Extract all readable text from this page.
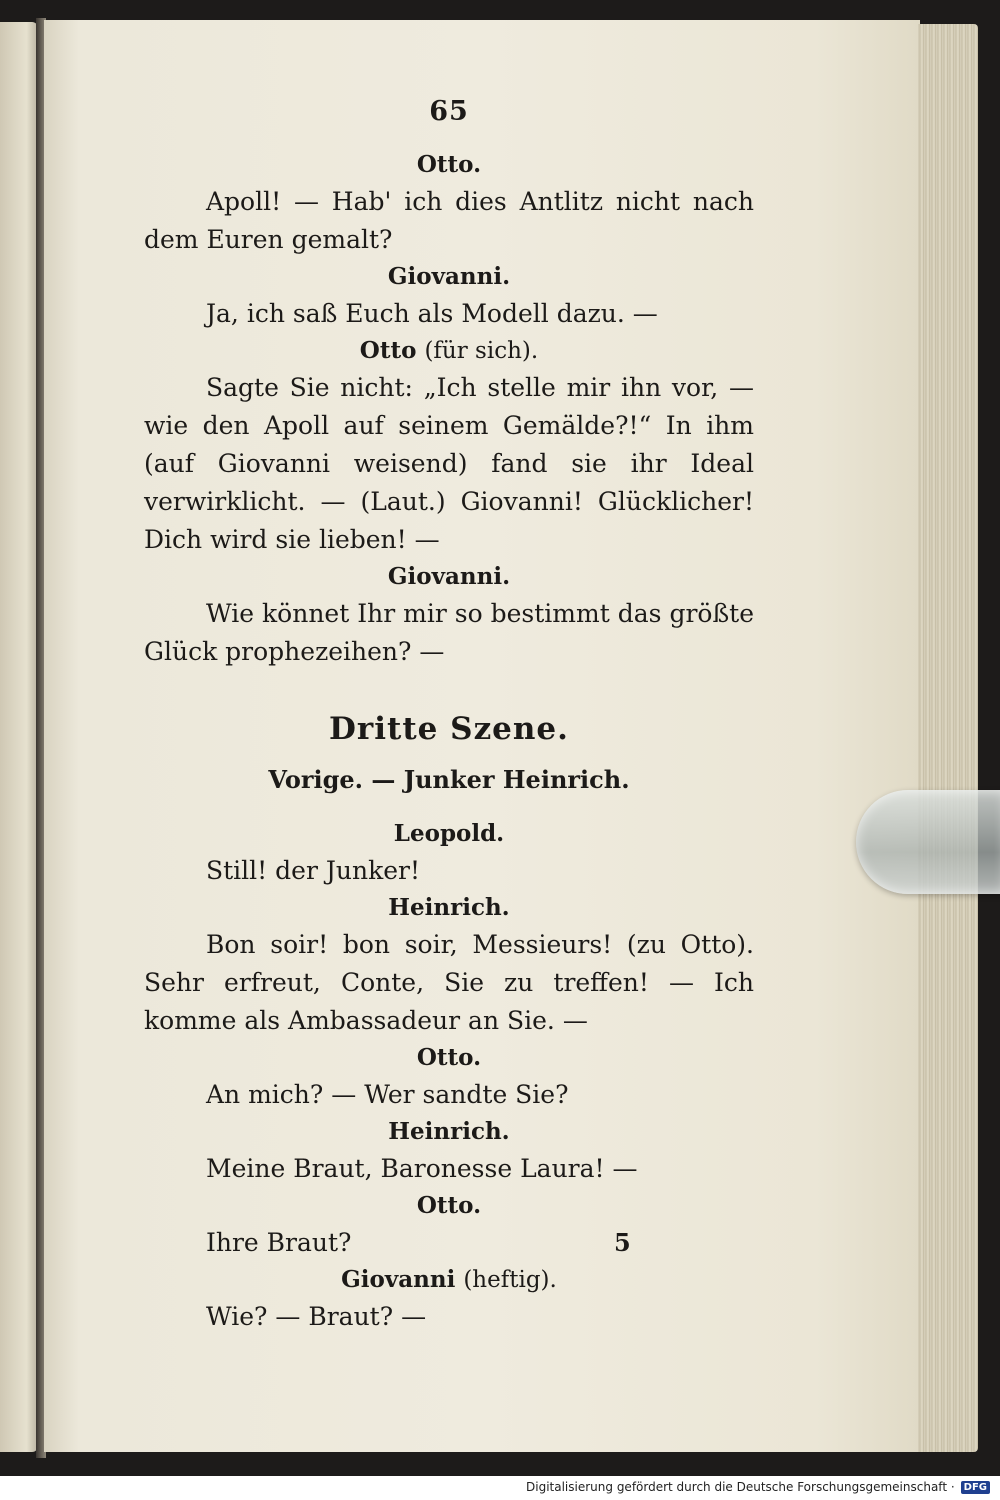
65
Otto.

Apoll! — Hab' ich dies Antlitz nicht nach dem Euren gemalt?

Giovanni.

Ja, ich saß Euch als Modell dazu. —

Otto (für sich).

Sagte Sie nicht: „Ich stelle mir ihn vor, — wie den Apoll auf seinem Gemälde?!“ In ihm (auf Giovanni weisend) fand sie ihr Ideal verwirklicht. — (Laut.) Giovanni! Glücklicher! Dich wird sie lieben! —

Giovanni.

Wie könnet Ihr mir so bestimmt das größte Glück prophezeihen? —

Dritte Szene.
Vorige. — Junker Heinrich.
Leopold.

Still! der Junker!

Heinrich.

Bon soir! bon soir, Messieurs! (zu Otto). Sehr erfreut, Conte, Sie zu treffen! — Ich komme als Ambassadeur an Sie. —

Otto.

An mich? — Wer sandte Sie?

Heinrich.

Meine Braut, Baronesse Laura! —

Otto.

Ihre Braut?

Giovanni (heftig).

Wie? — Braut? —

5
Digitalisierung gefördert durch die Deutsche Forschungsgemeinschaft · DFG
